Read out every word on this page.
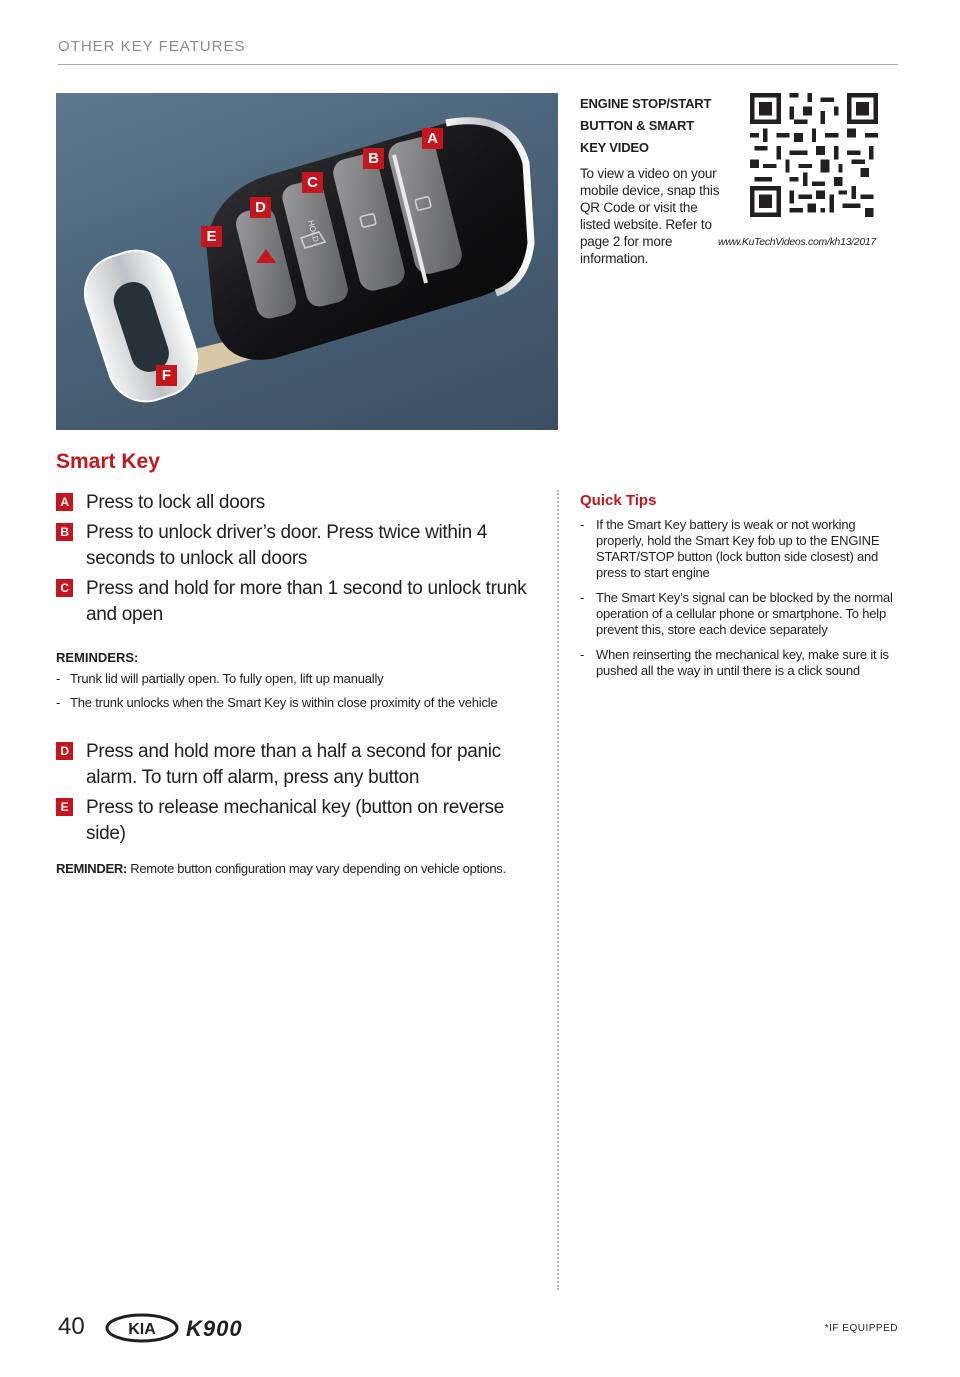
OTHER KEY FEATURES
HOLD
A
B
C
D
E
F
ENGINE STOP/START BUTTON & SMART KEY VIDEO
To view a video on your mobile device, snap this QR Code or visit the listed website. Refer to page 2 for more information.
www.KuTechVideos.com/kh13/2017
Smart Key
A Press to lock all doors
B Press to unlock driver’s door. Press twice within 4 seconds to unlock all doors
C Press and hold for more than 1 second to unlock trunk and open
REMINDERS:
- Trunk lid will partially open. To fully open, lift up manually
- The trunk unlocks when the Smart Key is within close proximity of the vehicle
D Press and hold more than a half a second for panic alarm. To turn off alarm, press any button
E Press to release mechanical key (button on reverse side)
REMINDER: Remote button configuration may vary depending on vehicle options.
Quick Tips
- If the Smart Key battery is weak or not working properly, hold the Smart Key fob up to the ENGINE START/STOP button (lock button side closest) and press to start engine
- The Smart Key’s signal can be blocked by the normal operation of a cellular phone or smartphone. To help prevent this, store each device separately
- When reinserting the mechanical key, make sure it is pushed all the way in until there is a click sound
40	KIA K900	*IF EQUIPPED
